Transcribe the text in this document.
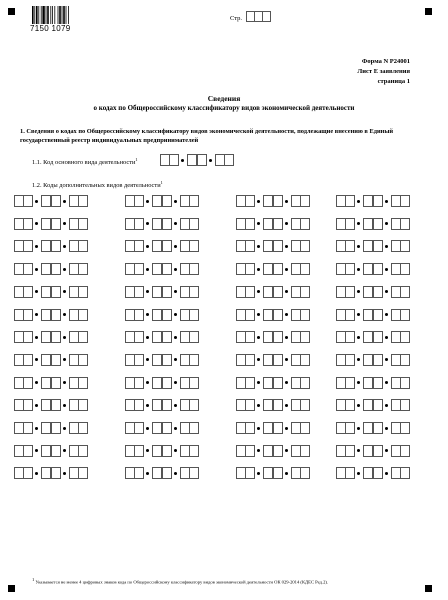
7150 1079
Стр.
Форма N Р24001
Лист Е заявления
страница 1
Сведения
о кодах по Общероссийскому классификатору видов экономической деятельности
1. Сведения о кодах по Общероссийскому классификатору видов экономической деятельности, подлежащие внесению в Единый государственный реестр индивидуальных предпринимателей
1.1. Код основного вида деятельности$^1$
1.2. Коды дополнительных видов деятельности$^1$
$^1$ Указывается не менее 4 цифровых знаков кода по Общероссийскому классификатору видов экономической деятельности ОК 029-2014 (КДЕС Ред.2).
